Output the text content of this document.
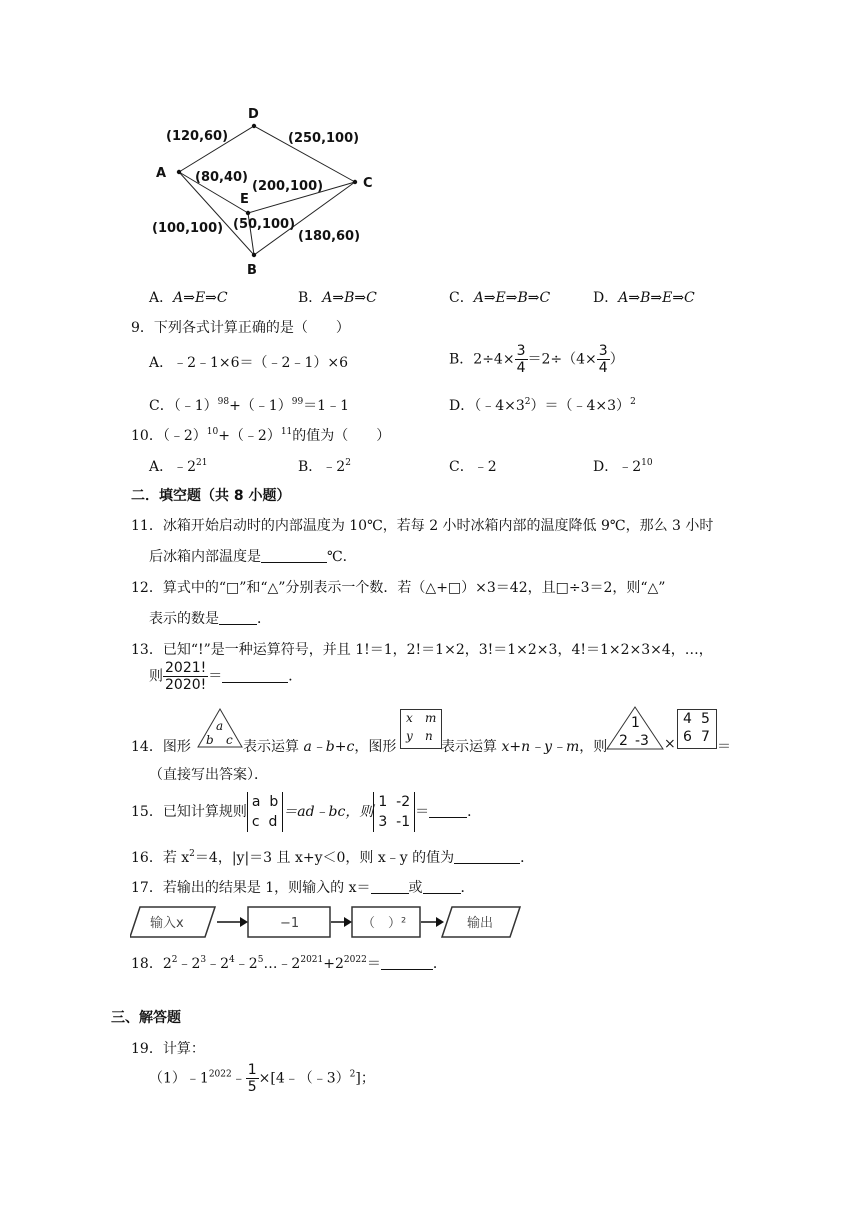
D
A
C
E
B
(120,60)	(250,100)
(80,40)
(200,100)
(100,100) (50,100)
(180,60)
A．A⇒E⇒C	B．A⇒B⇒C	C．A⇒E⇒B⇒C	D．A⇒B⇒E⇒C
9．下列各式计算正确的是（　　）
A．﹣2﹣1×6＝（﹣2﹣1）×6	B．$2\div 4\times \frac{3}{4} =2\div(4\times \frac{3}{4}$ ）
C．（﹣1）$^{98}$+（﹣1）$^{99}$＝1﹣1	D．$(﹣4\times 3^2)=(﹣4\times 3)^2$
10．（﹣2）$^{10}$+（﹣2）$^{11}$的值为（　　）
A．$﹣2^{21}$	B．$﹣2^2$	C．﹣2	D．$﹣2^{10}$
二．填空题（共 8 小题）
11．冰箱开始启动时的内部温度为 10℃，若每 2 小时冰箱内部的温度降低 9℃，那么 3 小时
后冰箱内部温度是	℃．
12．算式中的“□”和“△”分别表示一个数．若（△+□）×3＝42，且□÷3＝2，则“△”
表示的数是	．
13．已知“!”是一种运算符号，并且 1!＝1，2!＝1×2，3!＝1×2×3，4!＝1×2×3×4，…，
则 $\frac{2021!}{2020!}$ ＝	．
14．图形
a
b c 表示运算 a﹣b+c，图形
x m
y n
表示运算 x+n﹣y﹣m，则
1
2 -3 ×
4 5
6 7
＝
（直接写出答案）．
15．已知计算规则a b
c d＝ad﹣bc，则1 -2
3 -1＝	．
16．若 $x^2=4$，|y|＝3 且 x+y＜0，则 x﹣y 的值为	．
17．若输出的结果是 1，则输入的 x＝	或	．
输入x	−1	（　）²	输出
18．$2^2﹣2^3﹣2^4﹣2^5\dots﹣2^{2021}+2^{2022}=$	．
三、解答题
19．计算：
$(1)﹣1^{2022}﹣ \frac{1}{5}$ ×[4﹣（﹣3）$^2$]；
